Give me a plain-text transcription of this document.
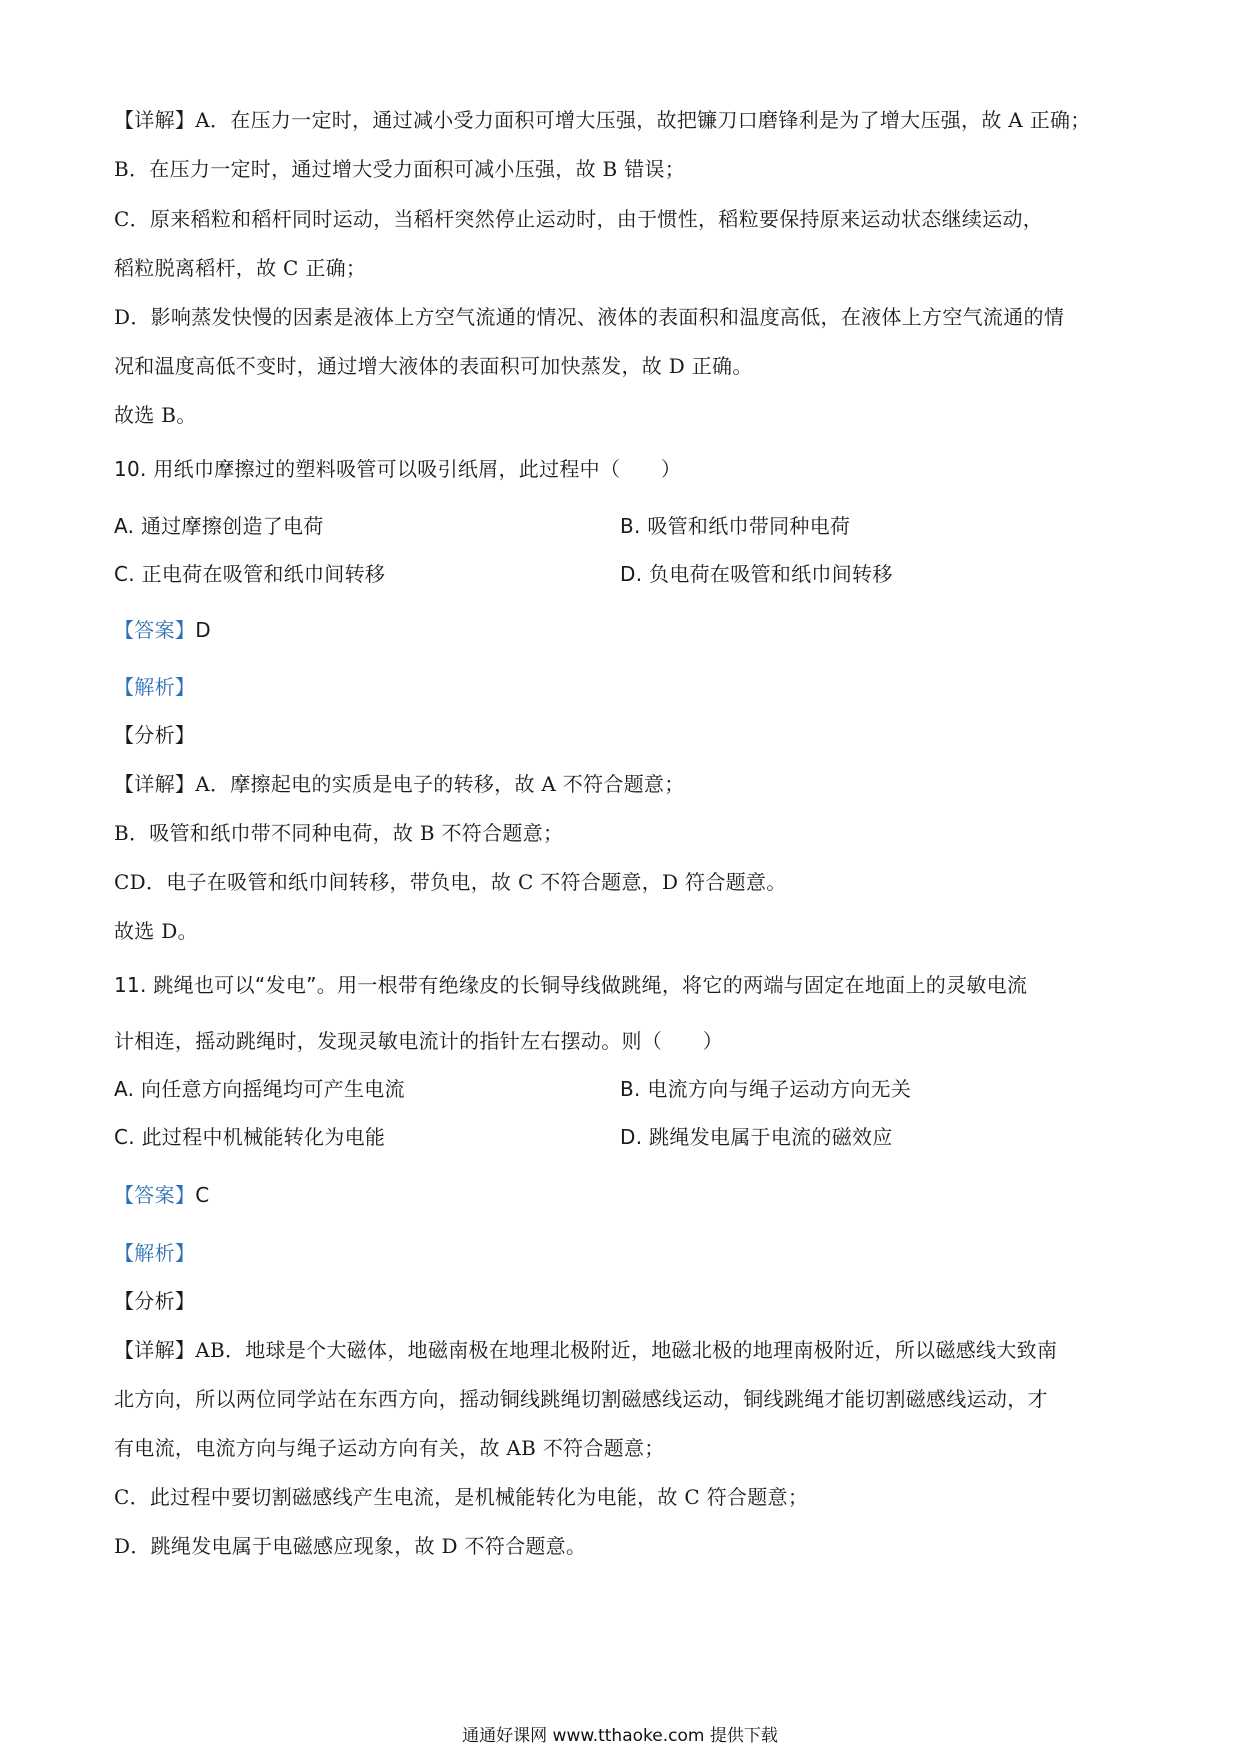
【详解】A．在压力一定时，通过减小受力面积可增大压强，故把镰刀口磨锋利是为了增大压强，故 A 正确；
B．在压力一定时，通过增大受力面积可减小压强，故 B 错误；
C．原来稻粒和稻杆同时运动，当稻杆突然停止运动时，由于惯性，稻粒要保持原来运动状态继续运动，
稻粒脱离稻杆，故 C 正确；
D．影响蒸发快慢的因素是液体上方空气流通的情况、液体的表面积和温度高低，在液体上方空气流通的情
况和温度高低不变时，通过增大液体的表面积可加快蒸发，故 D 正确。
故选 B。
10. 用纸巾摩擦过的塑料吸管可以吸引纸屑，此过程中（　　）
A. 通过摩擦创造了电荷	B. 吸管和纸巾带同种电荷
C. 正电荷在吸管和纸巾间转移	D. 负电荷在吸管和纸巾间转移
【答案】D
【解析】
【分析】
【详解】A．摩擦起电的实质是电子的转移，故 A 不符合题意；
B．吸管和纸巾带不同种电荷，故 B 不符合题意；
CD．电子在吸管和纸巾间转移，带负电，故 C 不符合题意，D 符合题意。
故选 D。
11. 跳绳也可以“发电”。用一根带有绝缘皮的长铜导线做跳绳，将它的两端与固定在地面上的灵敏电流
计相连，摇动跳绳时，发现灵敏电流计的指针左右摆动。则（　　）
A. 向任意方向摇绳均可产生电流	B. 电流方向与绳子运动方向无关
C. 此过程中机械能转化为电能	D. 跳绳发电属于电流的磁效应
【答案】C
【解析】
【分析】
【详解】AB．地球是个大磁体，地磁南极在地理北极附近，地磁北极的地理南极附近，所以磁感线大致南
北方向，所以两位同学站在东西方向，摇动铜线跳绳切割磁感线运动，铜线跳绳才能切割磁感线运动，才
有电流，电流方向与绳子运动方向有关，故 AB 不符合题意；
C．此过程中要切割磁感线产生电流，是机械能转化为电能，故 C 符合题意；
D．跳绳发电属于电磁感应现象，故 D 不符合题意。
通通好课网 www.tthaoke.com 提供下载
